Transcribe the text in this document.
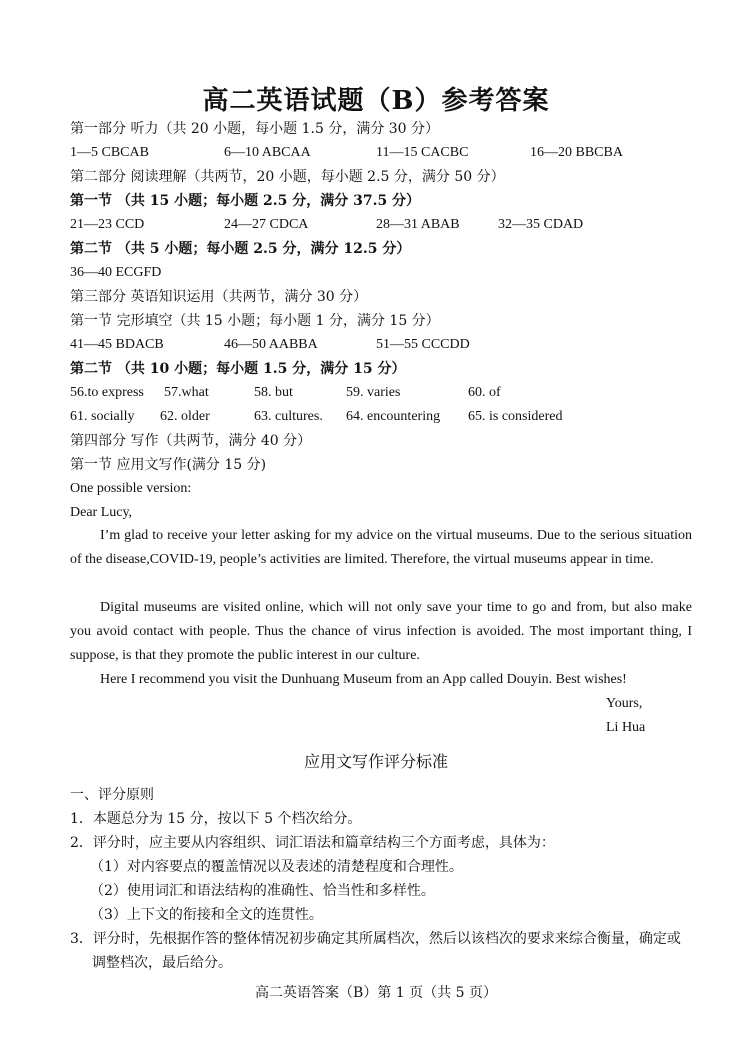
高二英语试题（B）参考答案
第一部分 听力（共 20 小题，每小题 1.5 分，满分 30 分）
1—5 CBCAB	6—10 ABCAA	11—15 CACBC	16—20 BBCBA
第二部分 阅读理解（共两节，20 小题，每小题 2.5 分，满分 50 分）
第一节 （共 15 小题；每小题 2.5 分，满分 37.5 分）
21—23 CCD	24—27 CDCA	28—31 ABAB	32—35 CDAD
第二节 （共 5 小题；每小题 2.5 分，满分 12.5 分）
36—40 ECGFD
第三部分 英语知识运用（共两节，满分 30 分）
第一节 完形填空（共 15 小题；每小题 1 分，满分 15 分）
41—45 BDACB	46—50 AABBA	51—55 CCCDD
第二节 （共 10 小题；每小题 1.5 分，满分 15 分）
56.to express 57.what	58. but	59. varies	60. of
61. socially 62. older	63. cultures. 64. encountering 65. is considered
第四部分 写作（共两节，满分 40 分）
第一节 应用文写作(满分 15 分)
One possible version:
Dear Lucy,
I’m glad to receive your letter asking for my advice on the virtual museums. Due to the serious situation of the disease,COVID-19, people’s activities are limited. Therefore, the virtual museums appear in time.
Digital museums are visited online, which will not only save your time to go and from, but also make you avoid contact with people. Thus the chance of virus infection is avoided. The most important thing, I suppose, is that they promote the public interest in our culture.
Here I recommend you visit the Dunhuang Museum from an App called Douyin. Best wishes!
Yours,
Li Hua
应用文写作评分标准
一、评分原则
1．本题总分为 15 分，按以下 5 个档次给分。
2．评分时，应主要从内容组织、词汇语法和篇章结构三个方面考虑，具体为：
（1）对内容要点的覆盖情况以及表述的清楚程度和合理性。
（2）使用词汇和语法结构的准确性、恰当性和多样性。
（3）上下文的衔接和全文的连贯性。
3．评分时，先根据作答的整体情况初步确定其所属档次，然后以该档次的要求来综合衡量，确定或调整档次，最后给分。
高二英语答案（B）第 1 页（共 5 页）
